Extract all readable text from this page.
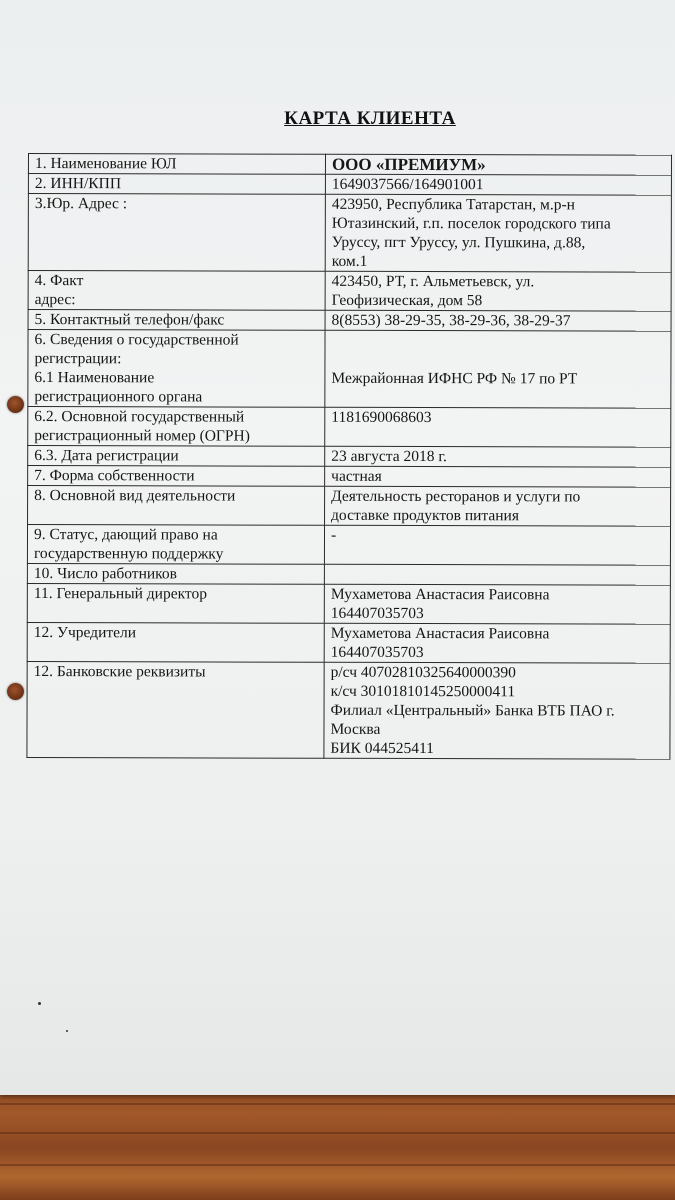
КАРТА КЛИЕНТА
1. Наименование ЮЛ	ООО «ПРЕМИУМ»

2. ИНН/КПП	1649037566/164901001

3.Юр. Адрес :	423950, Республика Татарстан, м.р-н
Ютазинский, г.п. поселок городского типа
Уруссу, пгт Уруссу, ул. Пушкина, д.88,
ком.1

4. Факт
адрес:	423450, РТ, г. Альметьевск, ул.
Геофизическая, дом 58

5. Контактный телефон/факс	8(8553) 38-29-35, 38-29-36, 38-29-37

6. Сведения о государственной
регистрации:
6.1 Наименование
регистрационного органа	Межрайонная ИФНС РФ № 17 по РТ

6.2. Основной государственный
регистрационный номер (ОГРН)	1181690068603

6.3. Дата регистрации	23 августа 2018 г.

7. Форма собственности	частная

8. Основной вид деятельности	Деятельность ресторанов и услуги по
доставке продуктов питания

9. Статус, дающий право на
государственную поддержку	-

10. Число работников	

11. Генеральный директор	Мухаметова Анастасия Раисовна
164407035703

12. Учредители	Мухаметова Анастасия Раисовна
164407035703

12. Банковские реквизиты	р/сч 40702810325640000390
к/сч 30101810145250000411
Филиал «Центральный» Банка ВТБ ПАО г.
Москва
БИК 044525411
